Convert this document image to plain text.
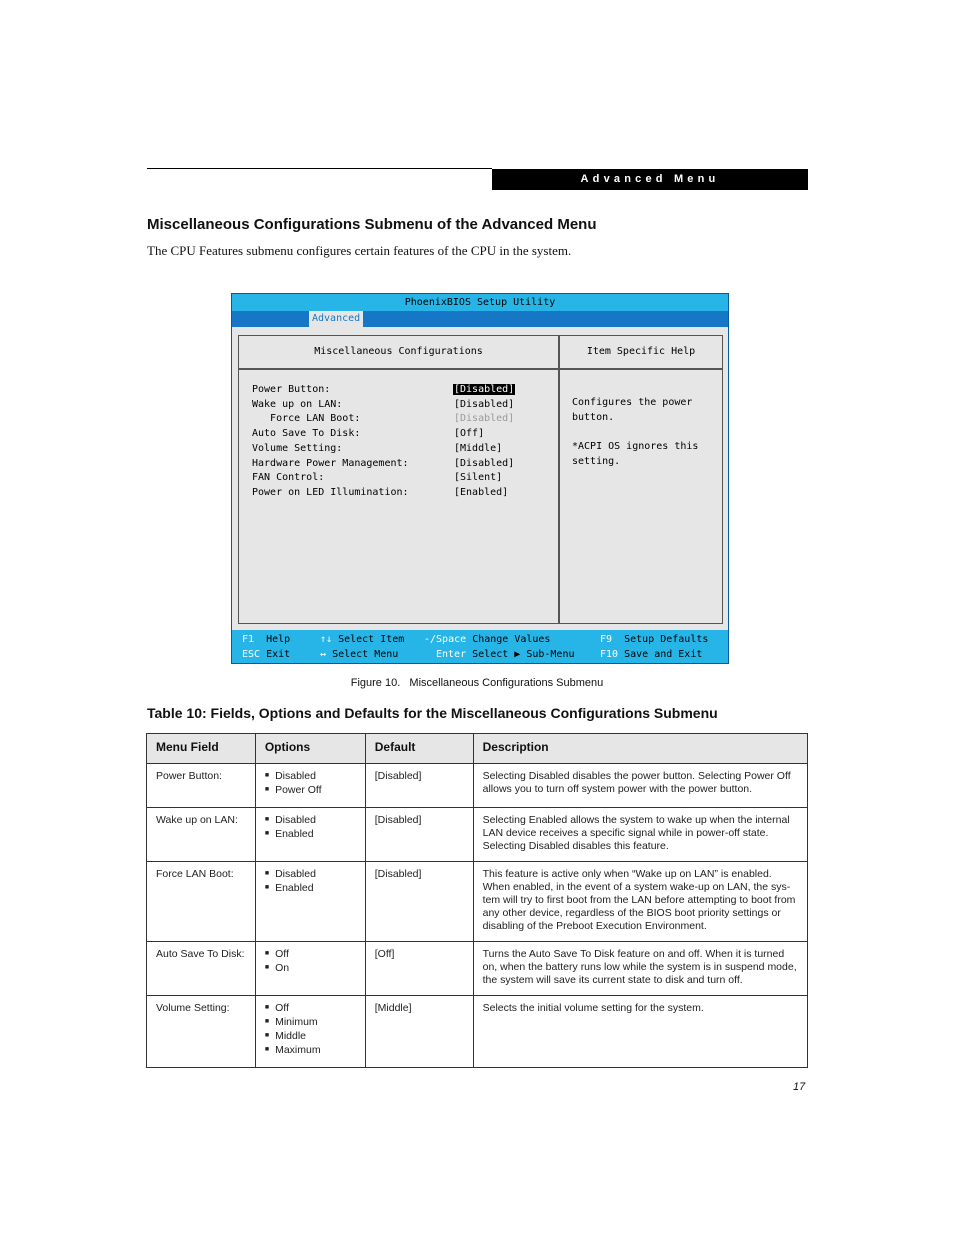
Advanced Menu
Miscellaneous Configurations Submenu of the Advanced Menu
The CPU Features submenu configures certain features of the CPU in the system.
PhoenixBIOS Setup Utility
Advanced
Miscellaneous Configurations	Item Specific Help
Power Button:	[Disabled]
Wake up on LAN:	[Disabled]
Force LAN Boot:	[Disabled]
Auto Save To Disk:	[Off]
Volume Setting:	[Middle]
Hardware Power Management:	[Disabled]
FAN Control:	[Silent]
Power on LED Illumination:	[Enabled]
Configures the power
button.

*ACPI OS ignores this
setting.
F1 Help
ESC Exit
↑↓ Select Item
↔ Select Menu
-/Space Change Values
Enter Select ▶ Sub-Menu
F9 Setup Defaults
F10 Save and Exit
Figure 10.   Miscellaneous Configurations Submenu
Table 10: Fields, Options and Defaults for the Miscellaneous Configurations Submenu
Menu Field	Options	Default	Description
Power Button:	■ Disabled
■ Power Off	[Disabled]	Selecting Disabled disables the power button. Selecting Power Off allows you to turn off system power with the power button.
Wake up on LAN:	■ Disabled
■ Enabled	[Disabled]	Selecting Enabled allows the system to wake up when the internal LAN device receives a specific signal while in power-off state. Selecting Disabled disables this feature.
Force LAN Boot:	■ Disabled
■ Enabled	[Disabled]	This feature is active only when “Wake up on LAN” is enabled. When enabled, in the event of a system wake-up on LAN, the sys-tem will try to first boot from the LAN before attempting to boot from any other device, regardless of the BIOS boot priority settings or disabling of the Preboot Execution Environment.
Auto Save To Disk:	■ Off
■ On	[Off]	Turns the Auto Save To Disk feature on and off. When it is turned on, when the battery runs low while the system is in suspend mode, the system will save its current state to disk and turn off.
Volume Setting:	■ Off
■ Minimum
■ Middle
■ Maximum	[Middle]	Selects the initial volume setting for the system.
17
